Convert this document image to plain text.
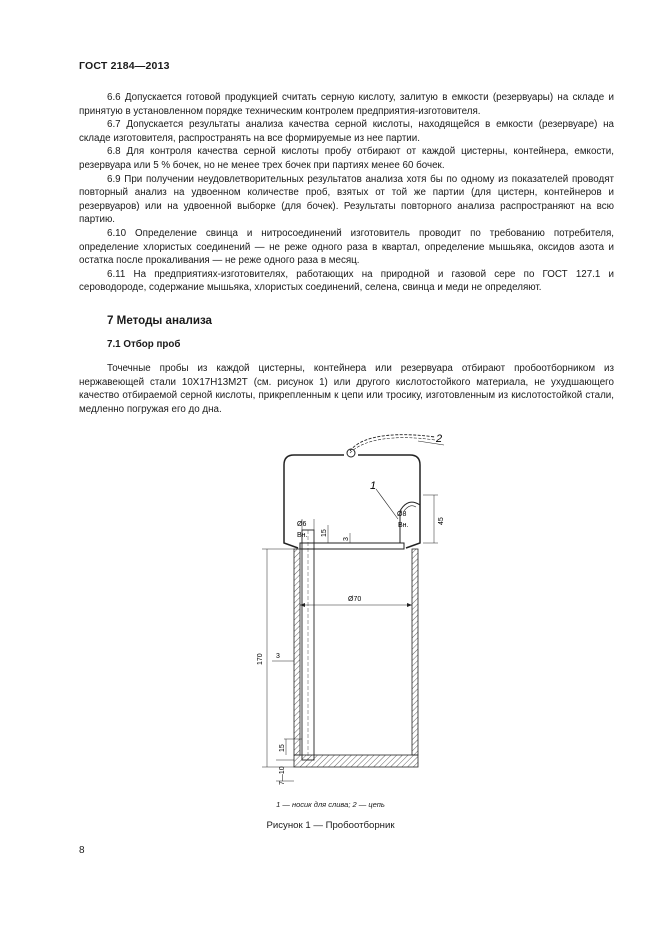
ГОСТ 2184—2013

6.6 Допускается готовой продукцией считать серную кислоту, залитую в емкости (резервуары) на складе и принятую в установленном порядке техническим контролем предприятия-изготовителя.

6.7 Допускается результаты анализа качества серной кислоты, находящейся в емкости (резервуаре) на складе изготовителя, распространять на все формируемые из нее партии.

6.8 Для контроля качества серной кислоты пробу отбирают от каждой цистерны, контейнера, емкости, резервуара или 5 % бочек, но не менее трех бочек при партиях менее 60 бочек.

6.9 При получении неудовлетворительных результатов анализа хотя бы по одному из показателей проводят повторный анализ на удвоенном количестве проб, взятых от той же партии (для цистерн, контейнеров и резервуаров) или на удвоенной выборке (для бочек). Результаты повторного анализа распространяют на всю партию.

6.10 Определение свинца и нитросоединений изготовитель проводит по требованию потребителя, определение хлористых соединений — не реже одного раза в квартал, определение мышьяка, оксидов азота и остатка после прокаливания — не реже одного раза в месяц.

6.11 На предприятиях-изготовителях, работающих на природной и газовой сере по ГОСТ 127.1 и сероводороде, содержание мышьяка, хлористых соединений, селена, свинца и меди не определяют.

7 Методы анализа
7.1 Отбор проб

Точечные пробы из каждой цистерны, контейнера или резервуара отбирают пробоотборником из нержавеющей стали 10Х17Н13М2Т (см. рисунок 1) или другого кислотостойкого материала, не ухудшающего качество отбираемой серной кислоты, прикрепленным к цепи или тросику, изготовленным из кислотостойкой стали, медленно погружая его до дна.

2
Ø6
Вн. 15
3
1
Ø8
Вн.
45
Ø70
170 3
15
7—10
1 — носик для слива; 2 — цепь
Рисунок 1 — Пробоотборник
8
